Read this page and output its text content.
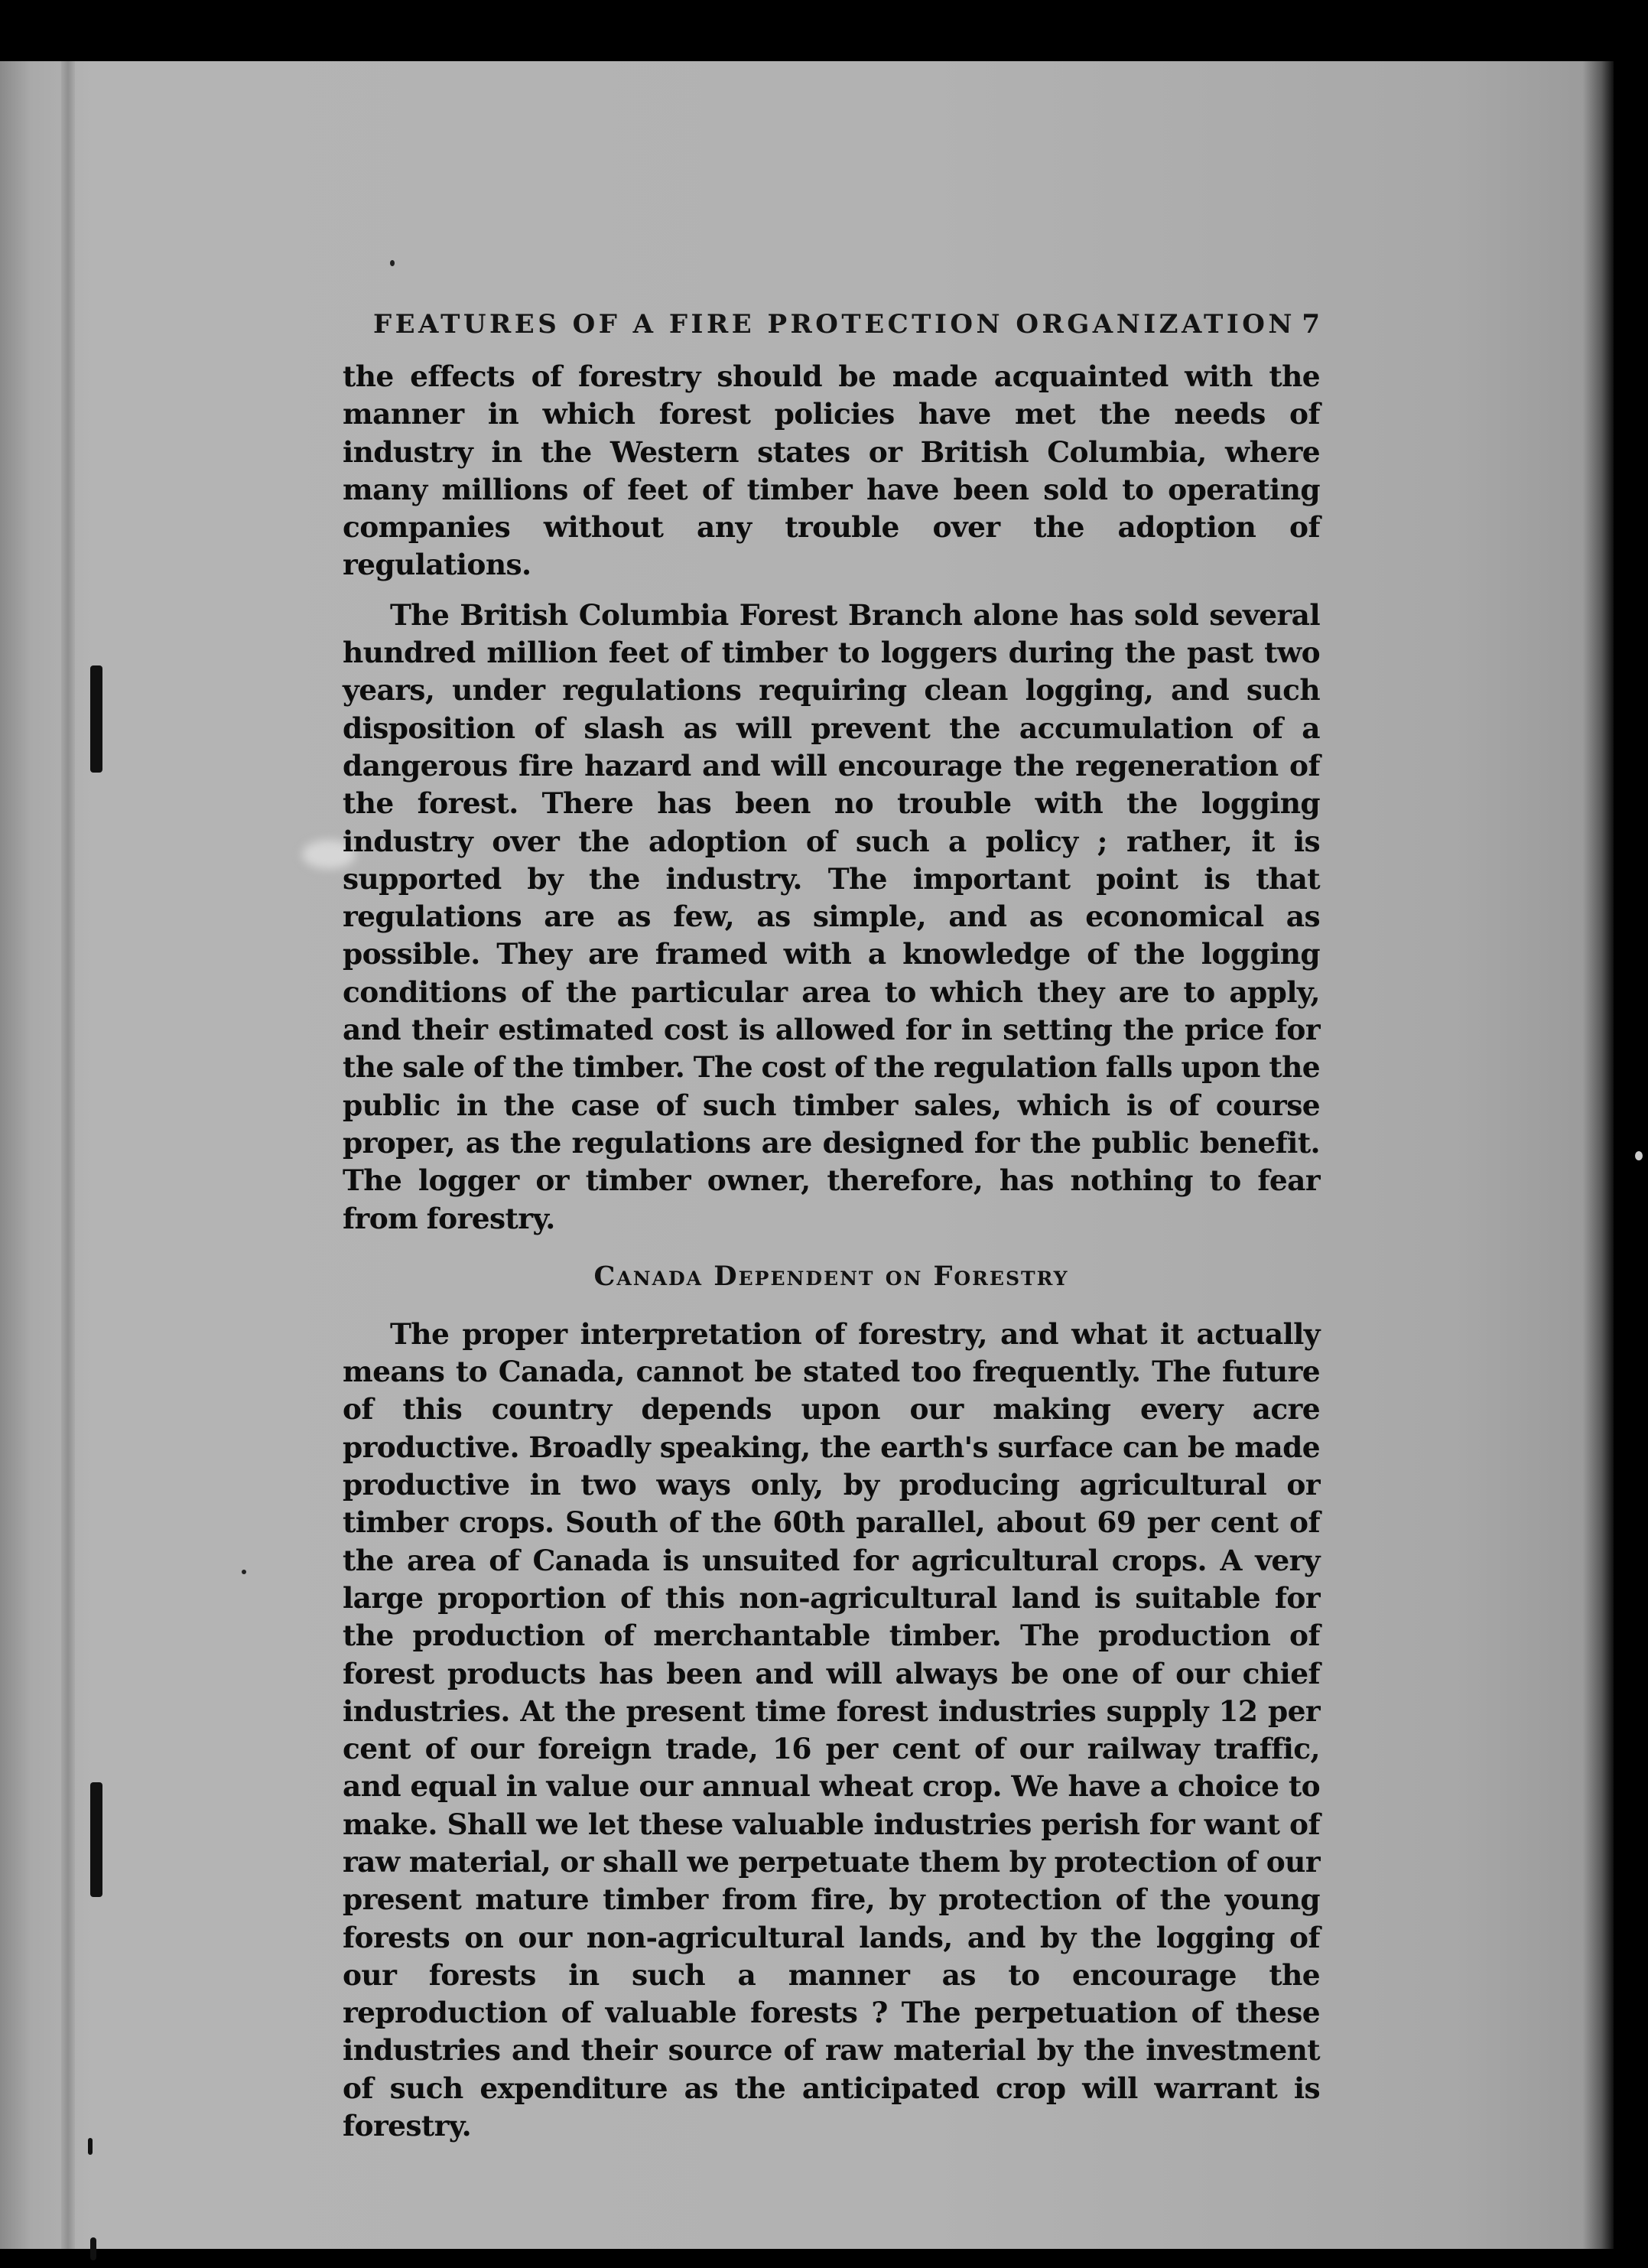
FEATURES OF A FIRE PROTECTION ORGANIZATION 7

the effects of forestry should be made acquainted with the manner in which forest policies have met the needs of industry in the Western states or British Columbia, where many millions of feet of timber have been sold to operating companies without any trouble over the adoption of regulations.

The British Columbia Forest Branch alone has sold several hundred million feet of timber to loggers during the past two years, under regulations requiring clean logging, and such disposition of slash as will prevent the accumulation of a dangerous fire hazard and will encourage the regeneration of the forest. There has been no trouble with the logging industry over the adoption of such a policy ; rather, it is supported by the industry. The important point is that regulations are as few, as simple, and as economical as possible. They are framed with a knowledge of the logging conditions of the particular area to which they are to apply, and their estimated cost is allowed for in setting the price for the sale of the timber. The cost of the regulation falls upon the public in the case of such timber sales, which is of course proper, as the regulations are designed for the public benefit. The logger or timber owner, therefore, has nothing to fear from forestry.

Canada Dependent on Forestry

The proper interpretation of forestry, and what it actually means to Canada, cannot be stated too frequently. The future of this country depends upon our making every acre productive. Broadly speaking, the earth's surface can be made productive in two ways only, by producing agricultural or timber crops. South of the 60th parallel, about 69 per cent of the area of Canada is unsuited for agricultural crops. A very large proportion of this non-agricultural land is suitable for the production of merchantable timber. The production of forest products has been and will always be one of our chief industries. At the present time forest industries supply 12 per cent of our foreign trade, 16 per cent of our railway traffic, and equal in value our annual wheat crop. We have a choice to make. Shall we let these valuable industries perish for want of raw material, or shall we perpetuate them by protection of our present mature timber from fire, by protection of the young forests on our non-agricultural lands, and by the logging of our forests in such a manner as to encourage the reproduction of valuable forests ? The perpetuation of these industries and their source of raw material by the investment of such expenditure as the anticipated crop will warrant is forestry.
